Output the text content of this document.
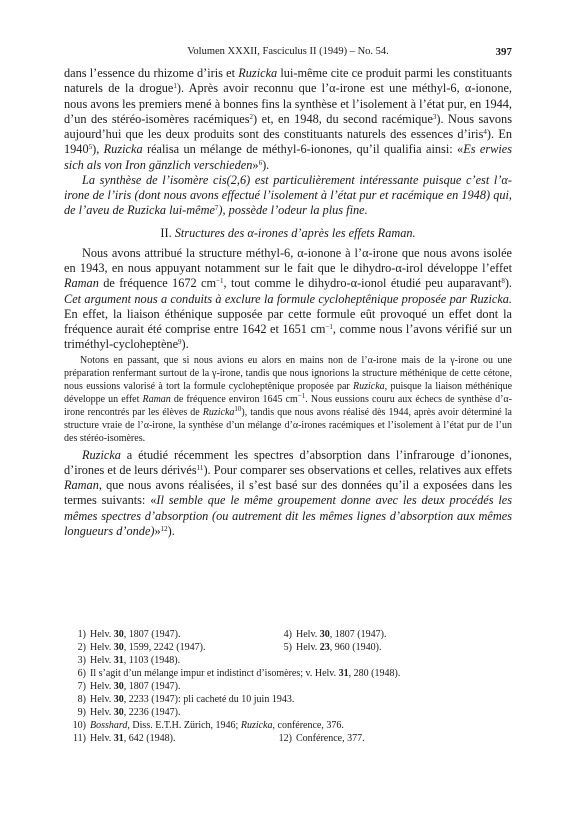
Volumen XXXII, Fasciculus II (1949) – No. 54.	397

dans l’essence du rhizome d’iris et Ruzicka lui-même cite ce produit parmi les constituants naturels de la drogue$^1$). Après avoir reconnu que l’α-irone est une méthyl-6, α-ionone, nous avons les premiers mené à bonnes fins la synthèse et l’isolement à l’état pur, en 1944, d’un des stéréo-isomères racémiques$^2$) et, en 1948, du second racémique$^3$). Nous savons aujourd’hui que les deux produits sont des constituants naturels des essences d’iris$^4$). En 1940$^5$), Ruzicka réalisa un mélange de méthyl-6-ionones, qu’il qualifia ainsi: «Es erwies sich als von Iron gänzlich verschieden»$^6$).

La synthèse de l’isomère cis(2,6) est particulièrement intéressante puisque c’est l’α-irone de l’iris (dont nous avons effectué l’isolement à l’état pur et racémique en 1948) qui, de l’aveu de Ruzicka lui-même$^7$), possède l’odeur la plus fine.

II. Structures des α-irones d’après les effets Raman.

Nous avons attribué la structure méthyl-6, α-ionone à l’α-irone que nous avons isolée en 1943, en nous appuyant notamment sur le fait que le dihydro-α-irol développe l’effet Raman de fréquence 1672 $cm^{-1}$, tout comme le dihydro-α-ionol étudié peu auparavant$^8$). Cet argument nous a conduits à exclure la formule cycloheptênique proposée par Ruzicka. En effet, la liaison éthénique supposée par cette formule eût provoqué un effet dont la fréquence aurait été comprise entre 1642 et 1651 $cm^{-1}$, comme nous l’avons vérifié sur un triméthyl-cycloheptène$^9$).

Notons en passant, que si nous avions eu alors en mains non de l’α-irone mais de la γ-irone ou une préparation renfermant surtout de la γ-irone, tandis que nous ignorions la structure méthénique de cette cétone, nous eussions valorisé à tort la formule cycloheptênique proposée par Ruzicka, puisque la liaison méthénique développe un effet Raman de fréquence environ 1645 $cm^{-1}$. Nous eussions couru aux échecs de synthèse d’α-irone rencontrés par les élèves de Ruzicka$^{10}$), tandis que nous avons réalisé dès 1944, après avoir déterminé la structure vraie de l’α-irone, la synthèse d’un mélange d’α-irones racémiques et l’isolement à l’état pur de l’un des stéréo-isomères.

Ruzicka a étudié récemment les spectres d’absorption dans l’infrarouge d’ionones, d’irones et de leurs dérivés$^{11}$). Pour comparer ses observations et celles, relatives aux effets Raman, que nous avons réalisées, il s’est basé sur des données qu’il a exposées dans les termes suivants: «Il semble que le même groupement donne avec les deux procédés les mêmes spectres d’absorption (ou autrement dit les mêmes lignes d’absorption aux mêmes longueurs d’onde)»$^{12}$).

1) Helv. 30, 1807 (1947).	4) Helv. 30, 1807 (1947).
2) Helv. 30, 1599, 2242 (1947).	5) Helv. 23, 960 (1940).
3) Helv. 31, 1103 (1948).
6) Il s’agit d’un mélange impur et indistinct d’isomères; v. Helv. 31, 280 (1948).
7) Helv. 30, 1807 (1947).
8) Helv. 30, 2233 (1947): pli cacheté du 10 juin 1943.
9) Helv. 30, 2236 (1947).
10) Bosshard, Diss. E.T.H. Zürich, 1946; Ruzicka, conférence, 376.
11) Helv. 31, 642 (1948).	12) Conférence, 377.
